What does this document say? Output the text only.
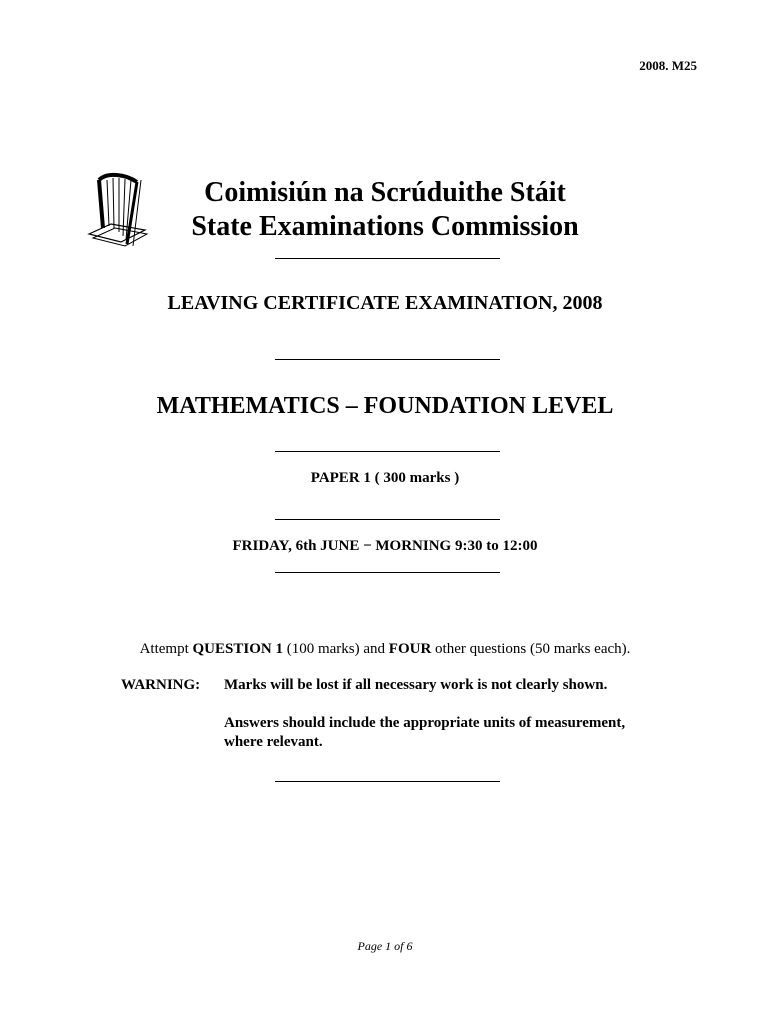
2008. M25
Coimisiún na Scrúduithe Stáit
State Examinations Commission
LEAVING CERTIFICATE EXAMINATION, 2008
MATHEMATICS – FOUNDATION LEVEL
PAPER 1 ( 300 marks )
FRIDAY, 6th JUNE − MORNING 9:30 to 12:00
Attempt QUESTION 1 (100 marks) and FOUR other questions (50 marks each).
WARNING: Marks will be lost if all necessary work is not clearly shown.
Answers should include the appropriate units of measurement,
where relevant.
Page 1 of 6
